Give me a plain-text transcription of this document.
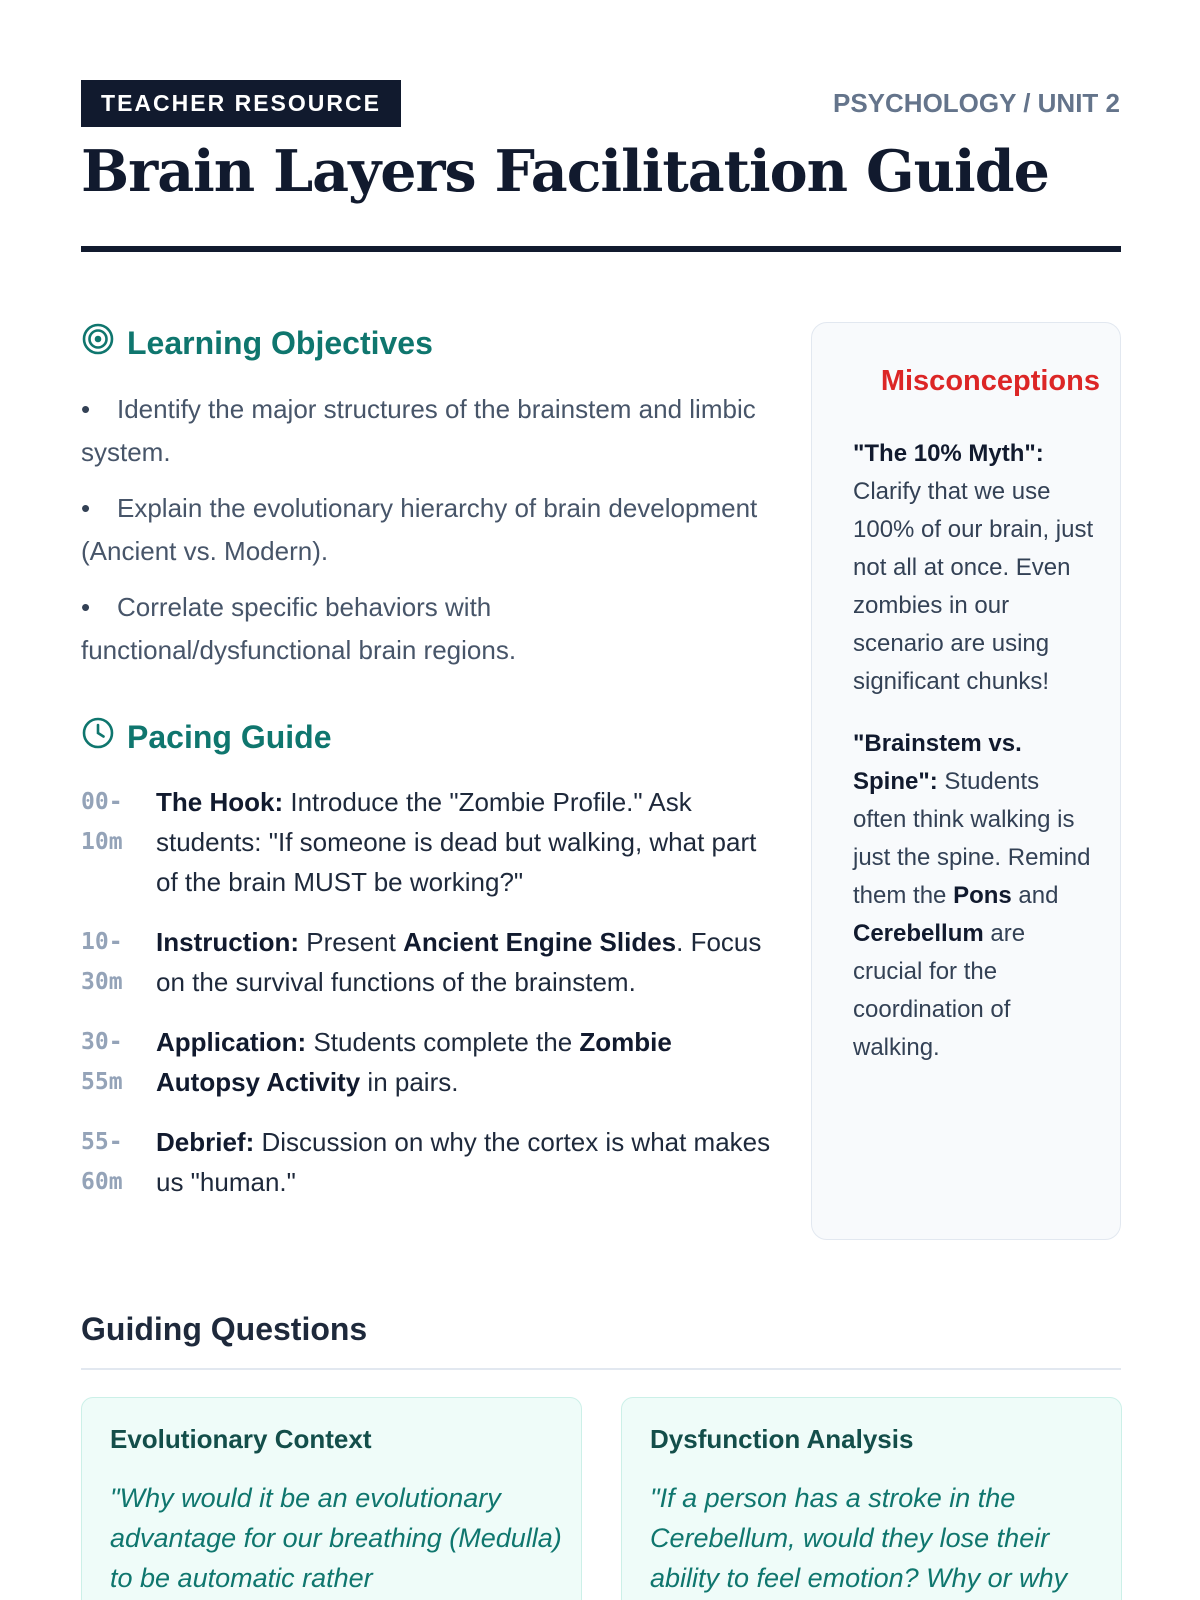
TEACHER RESOURCE	PSYCHOLOGY / UNIT 2
Brain Layers Facilitation Guide
Learning Objectives
• Identify the major structures of the brainstem and limbic system.
• Explain the evolutionary hierarchy of brain development (Ancient vs. Modern).
• Correlate specific behaviors with functional/dysfunctional brain regions.
Pacing Guide
00-
10m
The Hook: Introduce the "Zombie Profile." Ask students: "If someone is dead but walking, what part of the brain MUST be working?"
10-
30m
Instruction: Present Ancient Engine Slides. Focus on the survival functions of the brainstem.
30-
55m
Application: Students complete the Zombie Autopsy Activity in pairs.
55-
60m
Debrief: Discussion on why the cortex is what makes us "human."
Misconceptions

"The 10% Myth": Clarify that we use 100% of our brain, just not all at once. Even zombies in our scenario are using significant chunks!

"Brainstem vs. Spine": Students often think walking is just the spine. Remind them the Pons and Cerebellum are crucial for the coordination of walking.

Guiding Questions
Evolutionary Context
"Why would it be an evolutionary advantage for our breathing (Medulla) to be automatic rather
Dysfunction Analysis
"If a person has a stroke in the Cerebellum, would they lose their ability to feel emotion? Why or why
